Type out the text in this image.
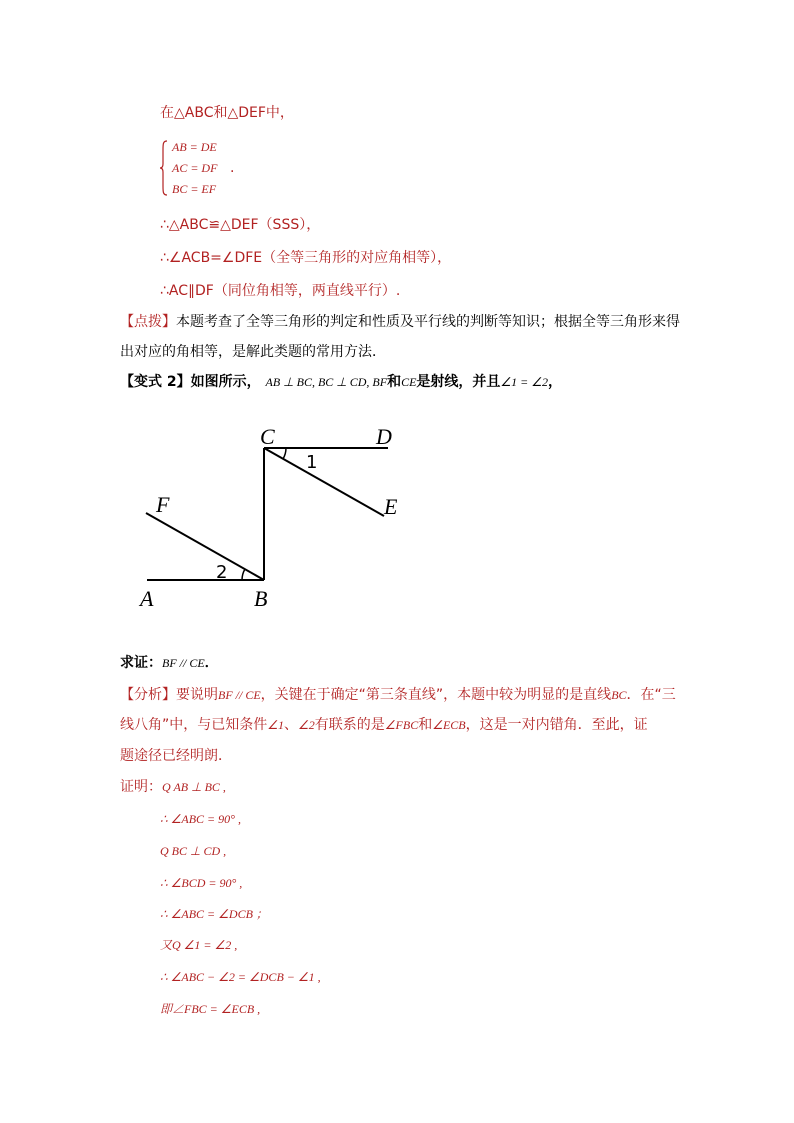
在△ABC和△DEF中，
AB = DE
AC = DF .
BC = EF
∴△ABC≌△DEF（SSS），
∴∠ACB=∠DFE（全等三角形的对应角相等），
∴AC∥DF（同位角相等，两直线平行）.
【点拨】本题考查了全等三角形的判定和性质及平行线的判断等知识；根据全等三角形来得
出对应的角相等，是解此类题的常用方法．
【变式 2】如图所示， AB ⊥ BC, BC ⊥ CD, BF和CE是射线，并且∠1 = ∠2，
C	D
E
F
A	B
1
2
求证：BF // CE．
【分析】要说明BF // CE，关键在于确定“第三条直线”，本题中较为明显的是直线BC．在“三
线八角”中，与已知条件∠1、∠2有联系的是∠FBC和∠ECB，这是一对内错角．至此，证
题途径已经明朗．
证明：Q AB ⊥ BC ,
∴ ∠ABC = 90° ,
Q BC ⊥ CD ,
∴ ∠BCD = 90° ,
∴ ∠ABC = ∠DCB ；
又Q ∠1 = ∠2 ,
∴ ∠ABC − ∠2 = ∠DCB − ∠1 ,
即∠FBC = ∠ECB ,
